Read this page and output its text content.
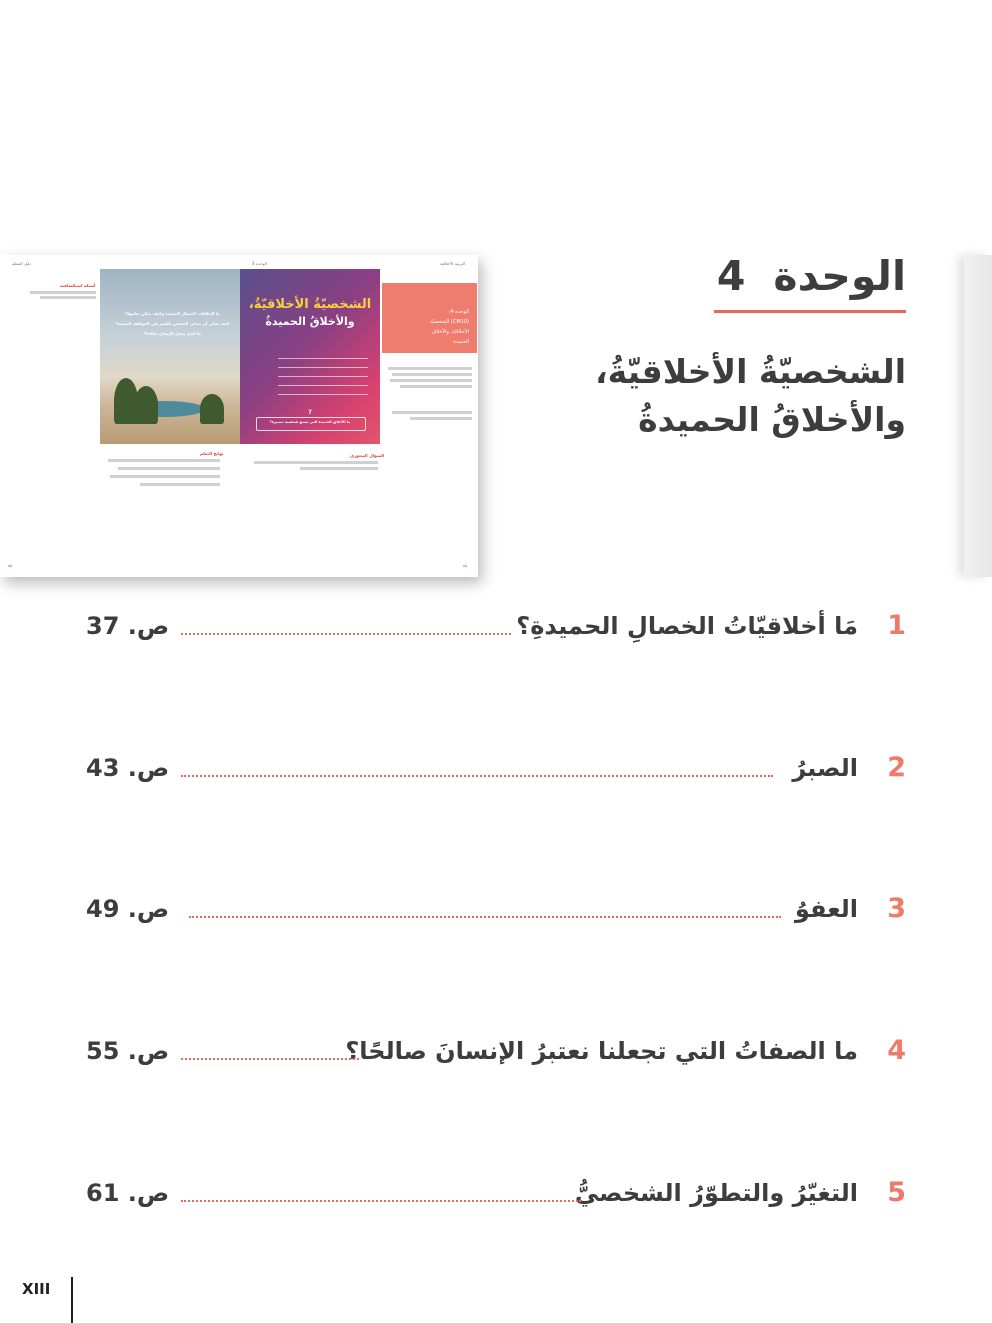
دليل المعلم	الوحدة 4	التربية الأخلاقية
أسئلة استكشافية
ما الخلاقات الخصال الحميدة وكيف يمكن تعلمها؟
كيف يمكن أن يتحلى الشخص بالصبر في المواقف الصعبة؟
ما الذي يجعل الإنسان صالحا؟
الشخصيّةُ الأخلاقيّةُ،
والأخلاقُ الحميدةُ
?
ما الأخلاق الحميدة التي تصنع شخصية متميزة؟
الوحدة 4:
(CM10) الشخصيّة
الأخلاقيّة، والأخلاق
الحميدة
نواتج التعلم	السؤال المحوري
٥٥	٥٥
الوحدة4
الشخصيّةُ الأخلاقيّةُ، والأخلاقُ الحميدةُ
1
مَا أخلاقيّاتُ الخصالِ الحميدةِ؟
ص. 37
2
الصبرُ
ص. 43
3
العفوُ
ص. 49
4
ما الصفاتُ التي تجعلنا نعتبرُ الإنسانَ صالحًا؟
ص. 55
5
التغيّرُ والتطوّرُ الشخصيُّ
ص. 61
XIII
